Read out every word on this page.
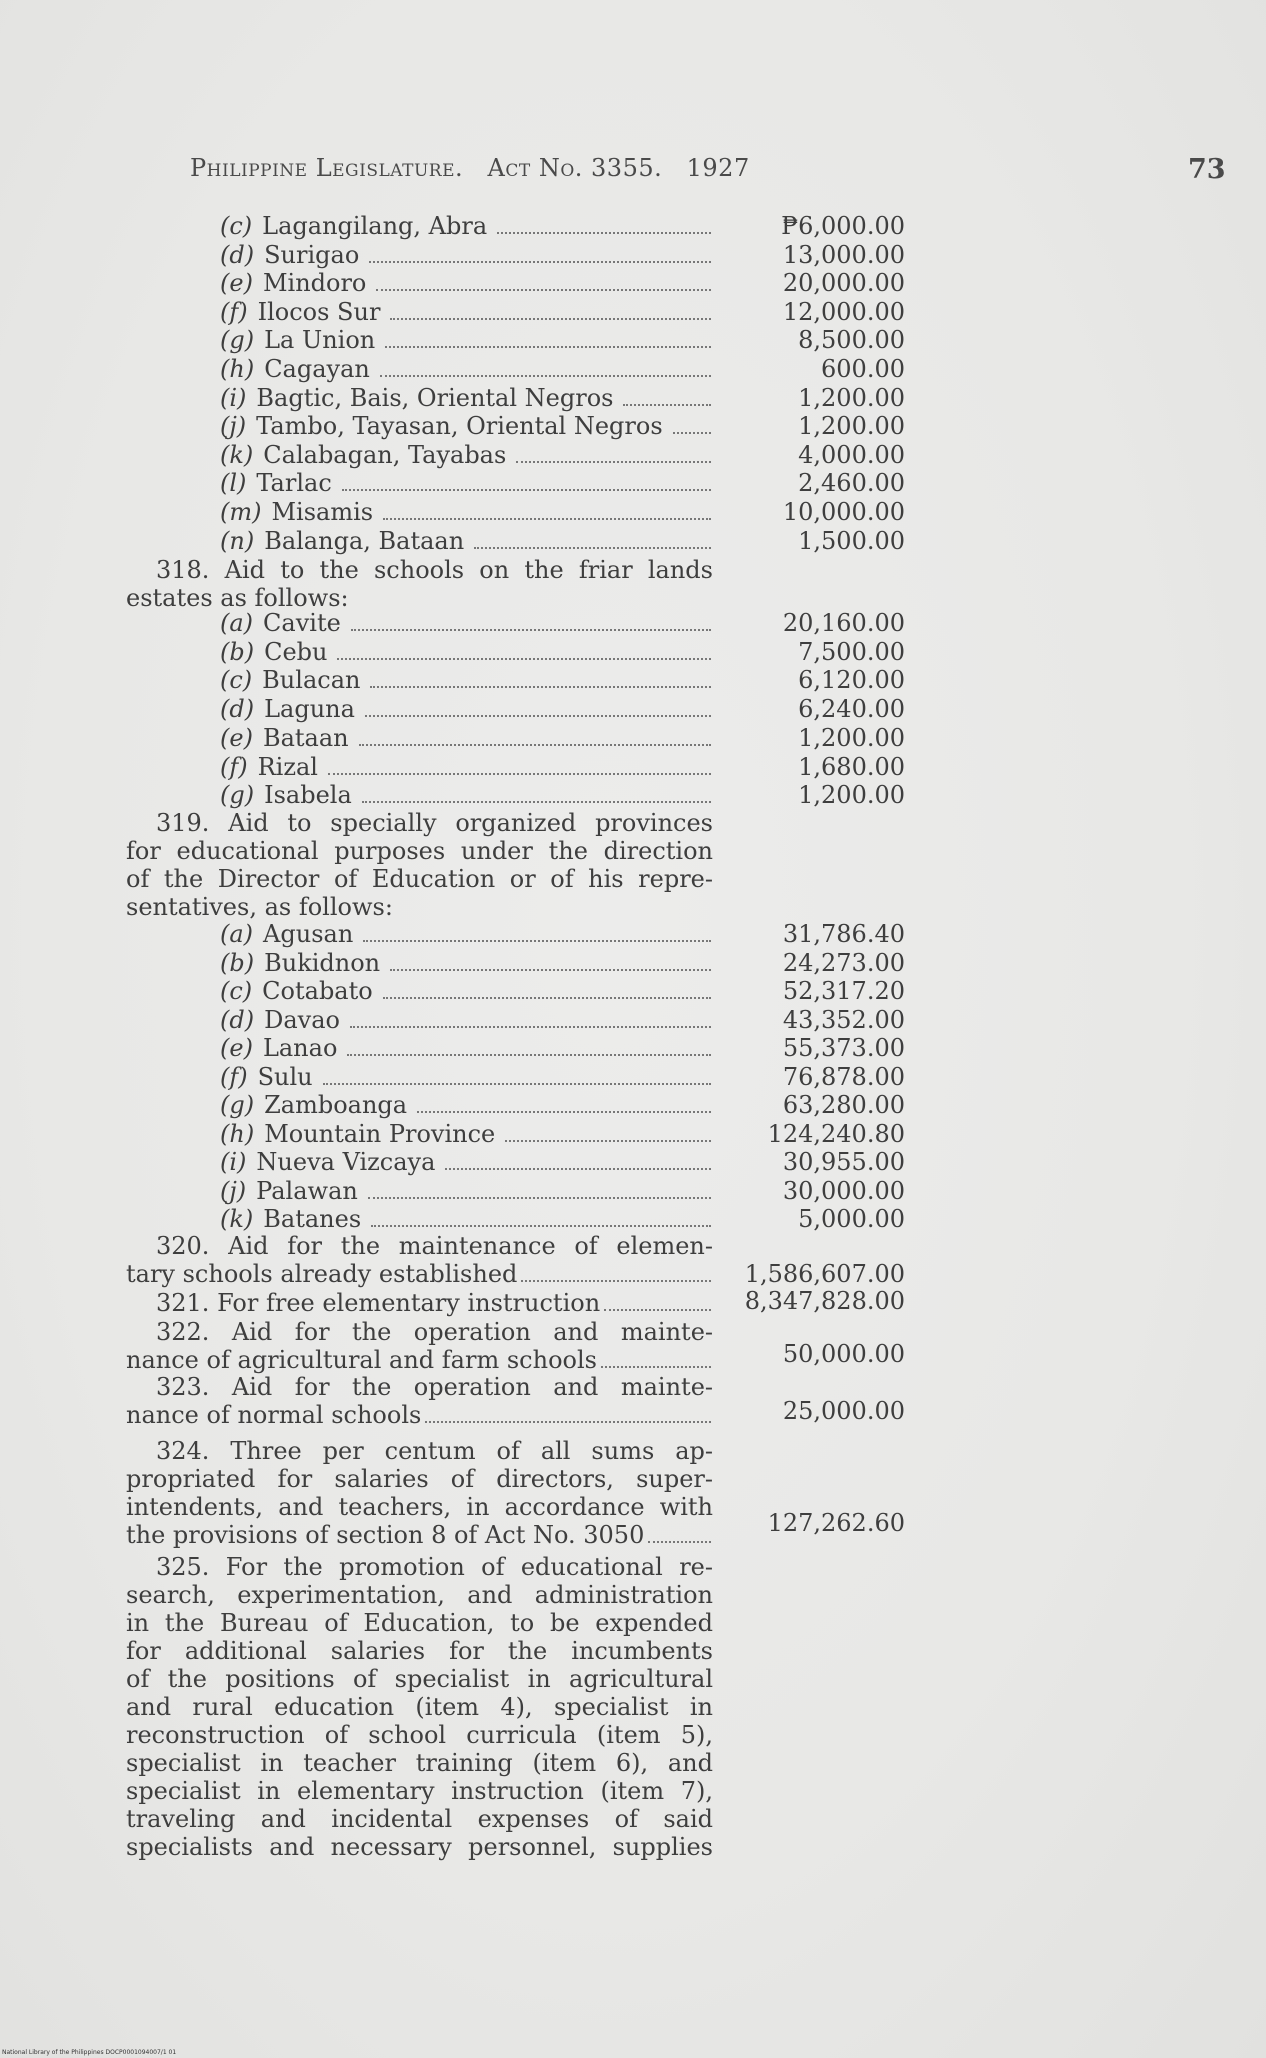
Philippine Legislature. Act No. 3355. 1927	73
(c) Lagangilang, Abra	₱6,000.00
(d) Surigao	13,000.00
(e) Mindoro	20,000.00
(f) Ilocos Sur	12,000.00
(g) La Union	8,500.00
(h) Cagayan	600.00
(i) Bagtic, Bais, Oriental Negros	1,200.00
(j) Tambo, Tayasan, Oriental Negros	1,200.00
(k) Calabagan, Tayabas	4,000.00
(l) Tarlac	2,460.00
(m) Misamis	10,000.00
(n) Balanga, Bataan	1,500.00
318. Aid to the schools on the friar lands
estates as follows:
(a) Cavite	20,160.00
(b) Cebu	7,500.00
(c) Bulacan	6,120.00
(d) Laguna	6,240.00
(e) Bataan	1,200.00
(f) Rizal	1,680.00
(g) Isabela	1,200.00
319. Aid to specially organized provinces
for educational purposes under the direction
of the Director of Education or of his repre-
sentatives, as follows:
(a) Agusan	31,786.40
(b) Bukidnon	24,273.00
(c) Cotabato	52,317.20
(d) Davao	43,352.00
(e) Lanao	55,373.00
(f) Sulu	76,878.00
(g) Zamboanga	63,280.00
(h) Mountain Province	124,240.80
(i) Nueva Vizcaya	30,955.00
(j) Palawan	30,000.00
(k) Batanes	5,000.00
320. Aid for the maintenance of elemen-
tary schools already established	1,586,607.00
321. For free elementary instruction	8,347,828.00
322. Aid for the operation and mainte-
nance of agricultural and farm schools	50,000.00
323. Aid for the operation and mainte-
nance of normal schools	25,000.00
324. Three per centum of all sums ap-
propriated for salaries of directors, super-
intendents, and teachers, in accordance with
the provisions of section 8 of Act No. 3050	127,262.60
325. For the promotion of educational re-
search, experimentation, and administration
in the Bureau of Education, to be expended
for additional salaries for the incumbents
of the positions of specialist in agricultural
and rural education (item 4), specialist in
reconstruction of school curricula (item 5),
specialist in teacher training (item 6), and
specialist in elementary instruction (item 7),
traveling and incidental expenses of said
specialists and necessary personnel, supplies
National Library of the Philippines DOCP0001094007/1 01
